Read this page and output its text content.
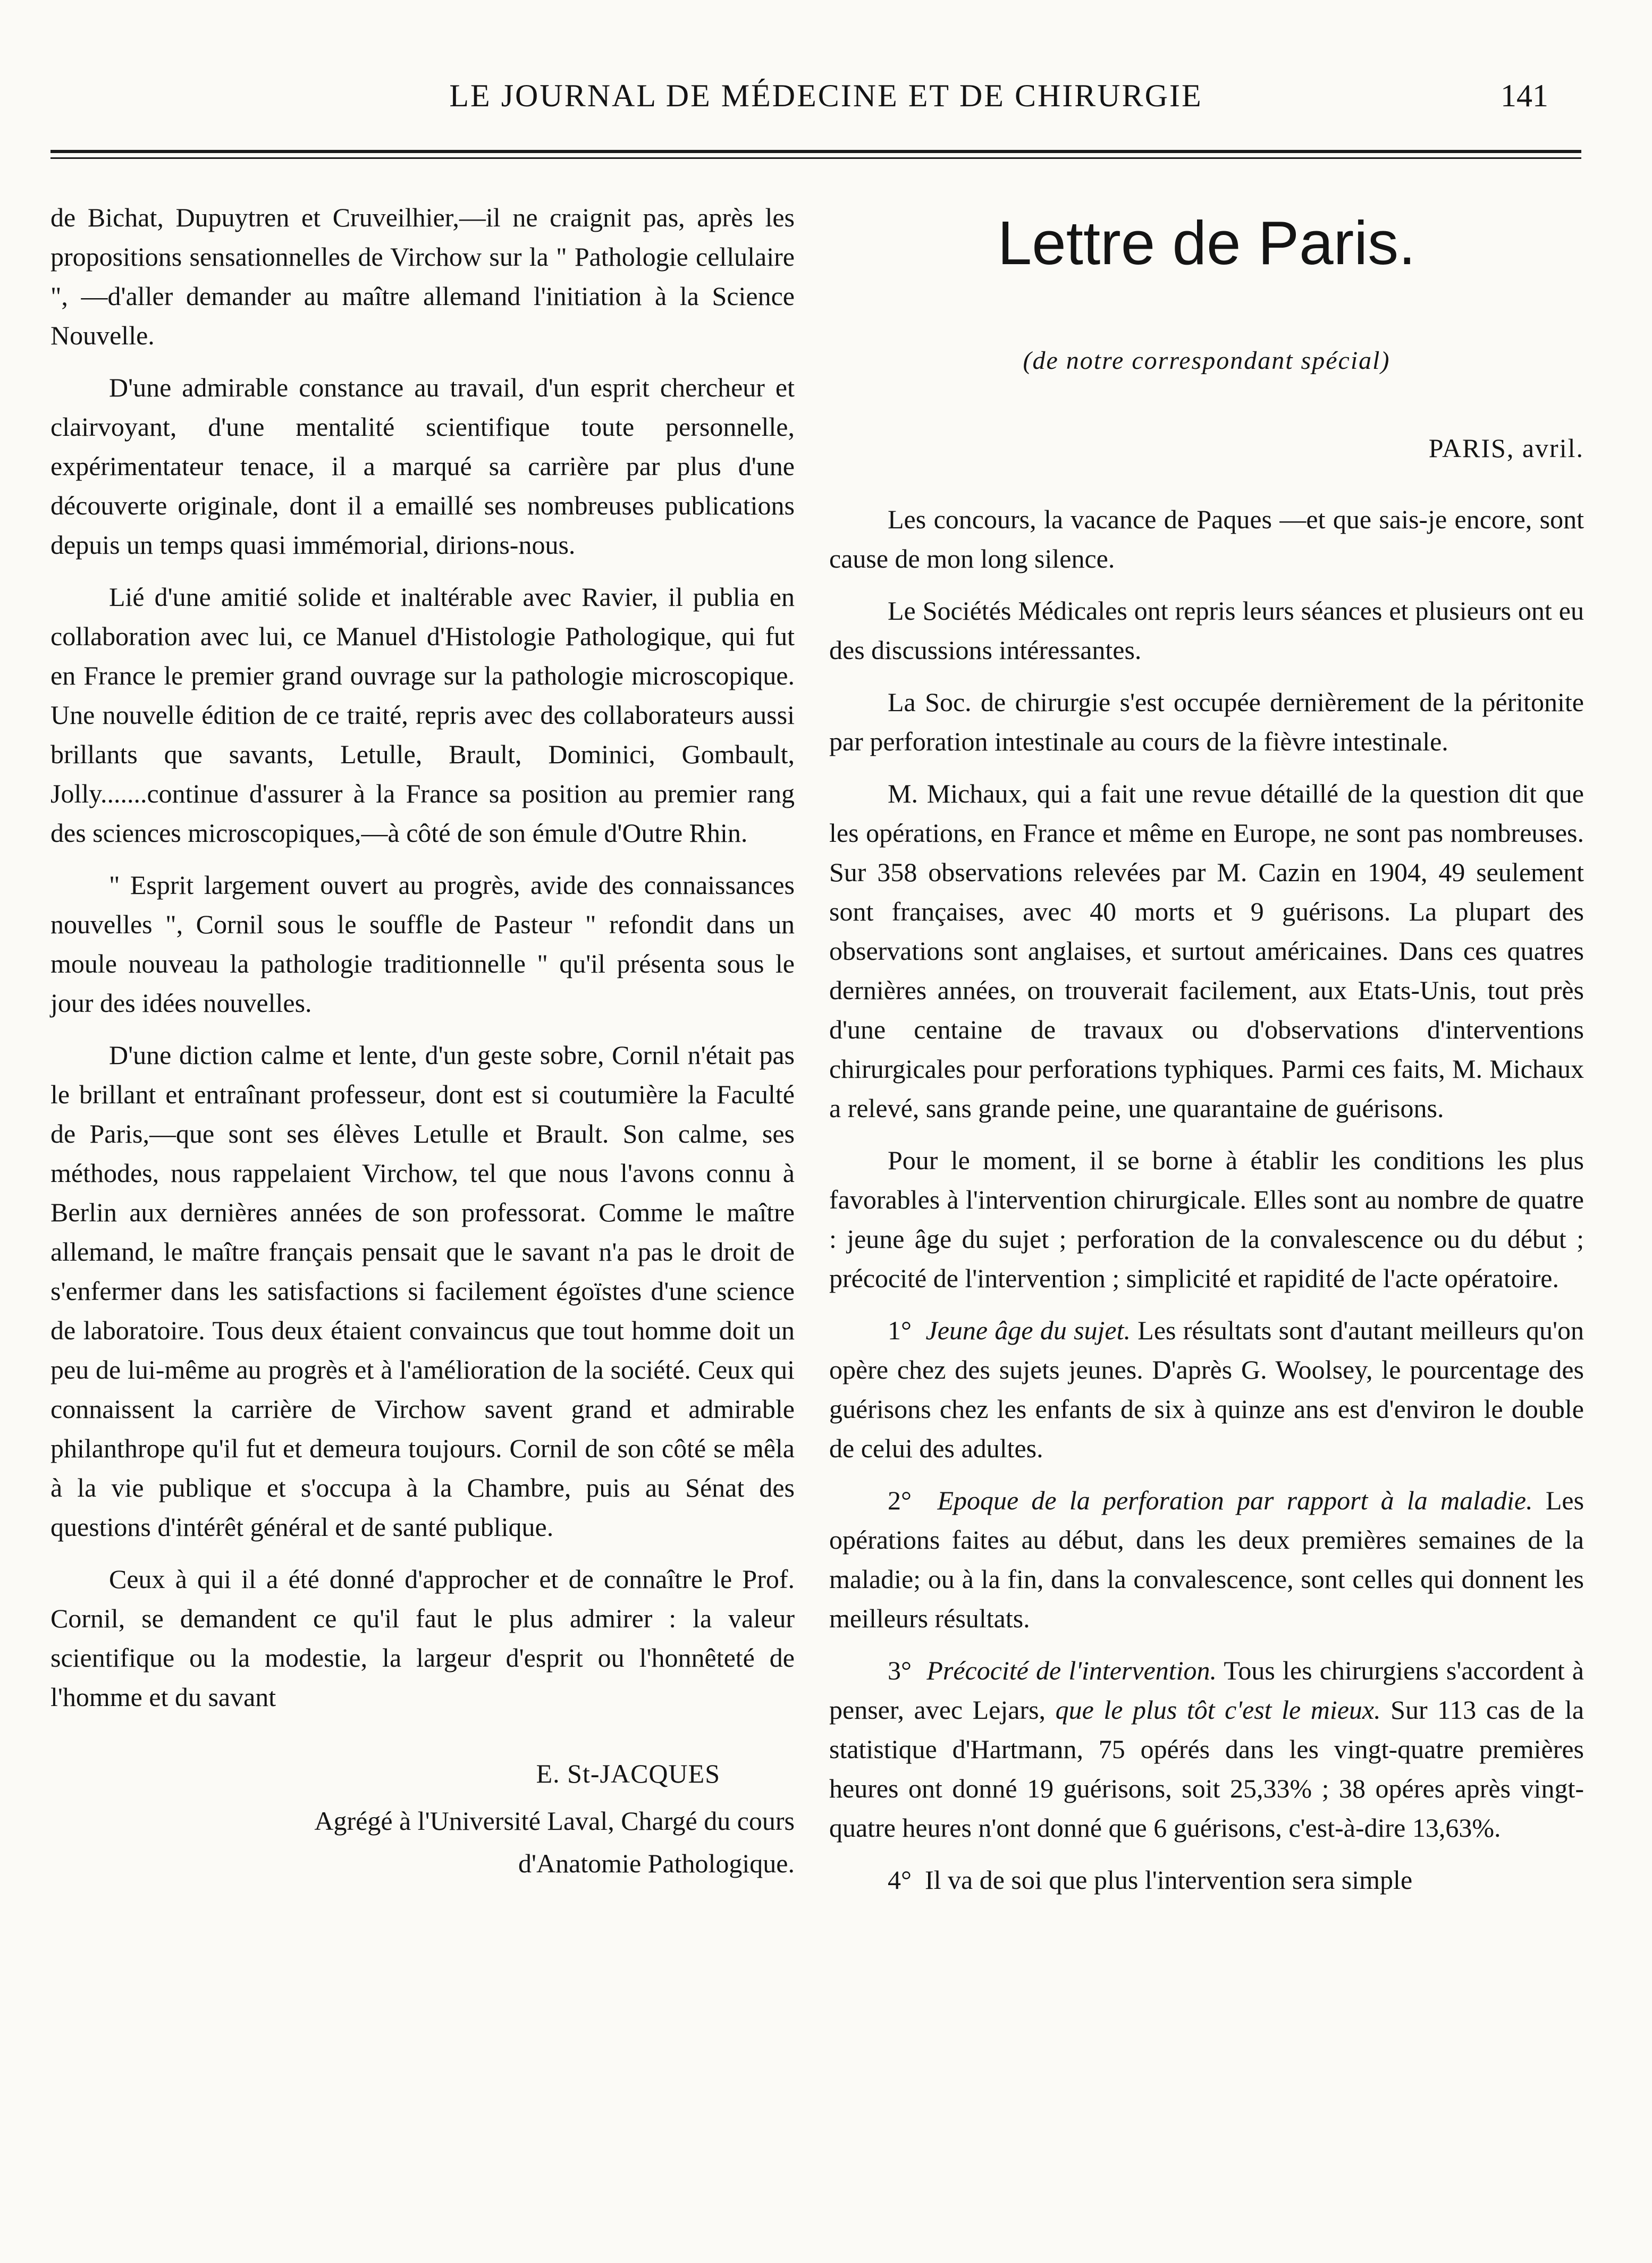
LE JOURNAL DE MÉDECINE ET DE CHIRURGIE	141

de Bichat, Dupuytren et Cruveilhier,—il ne craignit pas, après les propositions sensationnelles de Virchow sur la " Pathologie cellulaire ", —d'aller demander au maître allemand l'initiation à la Science Nouvelle.

D'une admirable constance au travail, d'un esprit chercheur et clairvoyant, d'une mentalité scientifique toute personnelle, expérimentateur tenace, il a marqué sa carrière par plus d'une découverte originale, dont il a emaillé ses nombreuses publications depuis un temps quasi immémorial, dirions-nous.

Lié d'une amitié solide et inaltérable avec Ravier, il publia en collaboration avec lui, ce Manuel d'Histologie Pathologique, qui fut en France le premier grand ouvrage sur la pathologie microscopique. Une nouvelle édition de ce traité, repris avec des collaborateurs aussi brillants que savants, Letulle, Brault, Dominici, Gombault, Jolly.......continue d'assurer à la France sa position au premier rang des sciences microscopiques,—à côté de son émule d'Outre Rhin.

" Esprit largement ouvert au progrès, avide des connaissances nouvelles ", Cornil sous le souffle de Pasteur " refondit dans un moule nouveau la pathologie traditionnelle " qu'il présenta sous le jour des idées nouvelles.

D'une diction calme et lente, d'un geste sobre, Cornil n'était pas le brillant et entraînant professeur, dont est si coutumière la Faculté de Paris,—que sont ses élèves Letulle et Brault. Son calme, ses méthodes, nous rappelaient Virchow, tel que nous l'avons connu à Berlin aux dernières années de son professorat. Comme le maître allemand, le maître français pensait que le savant n'a pas le droit de s'enfermer dans les satisfactions si facilement égoïstes d'une science de laboratoire. Tous deux étaient convaincus que tout homme doit un peu de lui-même au progrès et à l'amélioration de la société. Ceux qui connaissent la carrière de Virchow savent grand et admirable philanthrope qu'il fut et demeura toujours. Cornil de son côté se mêla à la vie publique et s'occupa à la Chambre, puis au Sénat des questions d'intérêt général et de santé publique.

Ceux à qui il a été donné d'approcher et de connaître le Prof. Cornil, se demandent ce qu'il faut le plus admirer : la valeur scientifique ou la modestie, la largeur d'esprit ou l'honnêteté de l'homme et du savant

E. St-JACQUES
Agrégé à l'Université Laval, Chargé du cours
d'Anatomie Pathologique.
Lettre de Paris.
(de notre correspondant spécial)
PARIS, avril.

Les concours, la vacance de Paques —et que sais-je encore, sont cause de mon long silence.

Le Sociétés Médicales ont repris leurs séances et plusieurs ont eu des discussions intéressantes.

La Soc. de chirurgie s'est occupée dernièrement de la péritonite par perforation intestinale au cours de la fièvre intestinale.

M. Michaux, qui a fait une revue détaillé de la question dit que les opérations, en France et même en Europe, ne sont pas nombreuses. Sur 358 observations relevées par M. Cazin en 1904, 49 seulement sont françaises, avec 40 morts et 9 guérisons. La plupart des observations sont anglaises, et surtout américaines. Dans ces quatres dernières années, on trouverait facilement, aux Etats-Unis, tout près d'une centaine de travaux ou d'observations d'interventions chirurgicales pour perforations typhiques. Parmi ces faits, M. Michaux a relevé, sans grande peine, une quarantaine de guérisons.

Pour le moment, il se borne à établir les conditions les plus favorables à l'intervention chirurgicale. Elles sont au nombre de quatre : jeune âge du sujet ; perforation de la convalescence ou du début ; précocité de l'intervention ; simplicité et rapidité de l'acte opératoire.

1° Jeune âge du sujet. Les résultats sont d'autant meilleurs qu'on opère chez des sujets jeunes. D'après G. Woolsey, le pourcentage des guérisons chez les enfants de six à quinze ans est d'environ le double de celui des adultes.

2° Epoque de la perforation par rapport à la maladie. Les opérations faites au début, dans les deux premières semaines de la maladie; ou à la fin, dans la convalescence, sont celles qui donnent les meilleurs résultats.

3° Précocité de l'intervention. Tous les chirurgiens s'accordent à penser, avec Lejars, que le plus tôt c'est le mieux. Sur 113 cas de la statistique d'Hartmann, 75 opérés dans les vingt-quatre premières heures ont donné 19 guérisons, soit 25,33% ; 38 opéres après vingt-quatre heures n'ont donné que 6 guérisons, c'est-à-dire 13,63%.

4° Il va de soi que plus l'intervention sera simple
